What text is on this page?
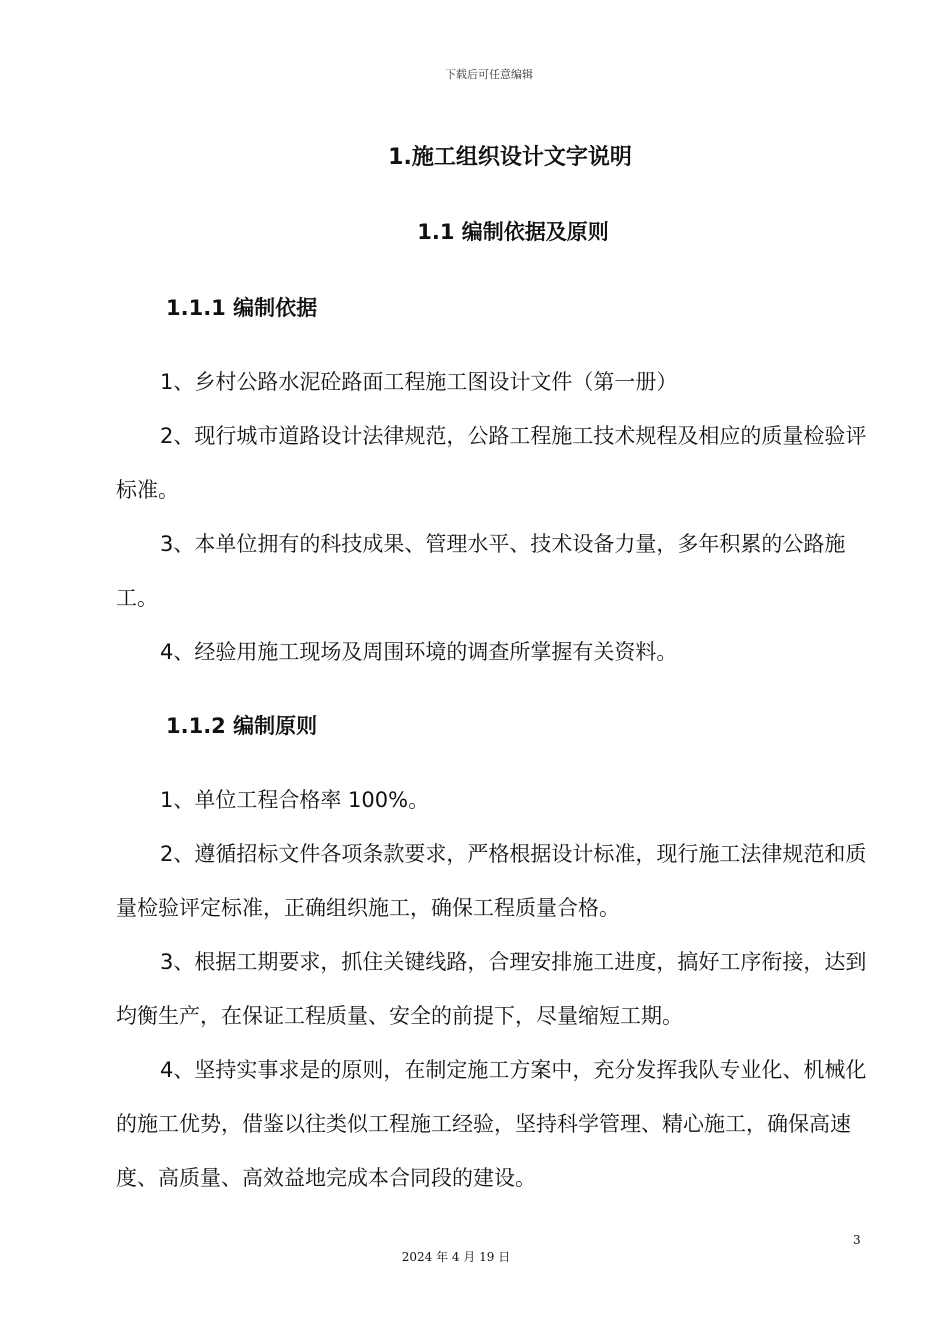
下载后可任意编辑
1.施工组织设计文字说明
1.1 编制依据及原则
1.1.1 编制依据
1、乡村公路水泥砼路面工程施工图设计文件（第一册）
2、现行城市道路设计法律规范，公路工程施工技术规程及相应的质量检验评标准。
3、本单位拥有的科技成果、管理水平、技术设备力量，多年积累的公路施工。
4、经验用施工现场及周围环境的调查所掌握有关资料。
1.1.2 编制原则
1、单位工程合格率 100%。
2、遵循招标文件各项条款要求，严格根据设计标准，现行施工法律规范和质量检验评定标准，正确组织施工，确保工程质量合格。
3、根据工期要求，抓住关键线路，合理安排施工进度，搞好工序衔接，达到均衡生产，在保证工程质量、安全的前提下，尽量缩短工期。
4、坚持实事求是的原则，在制定施工方案中，充分发挥我队专业化、机械化的施工优势，借鉴以往类似工程施工经验，坚持科学管理、精心施工，确保高速度、高质量、高效益地完成本合同段的建设。
3
2024 年 4 月 19 日
